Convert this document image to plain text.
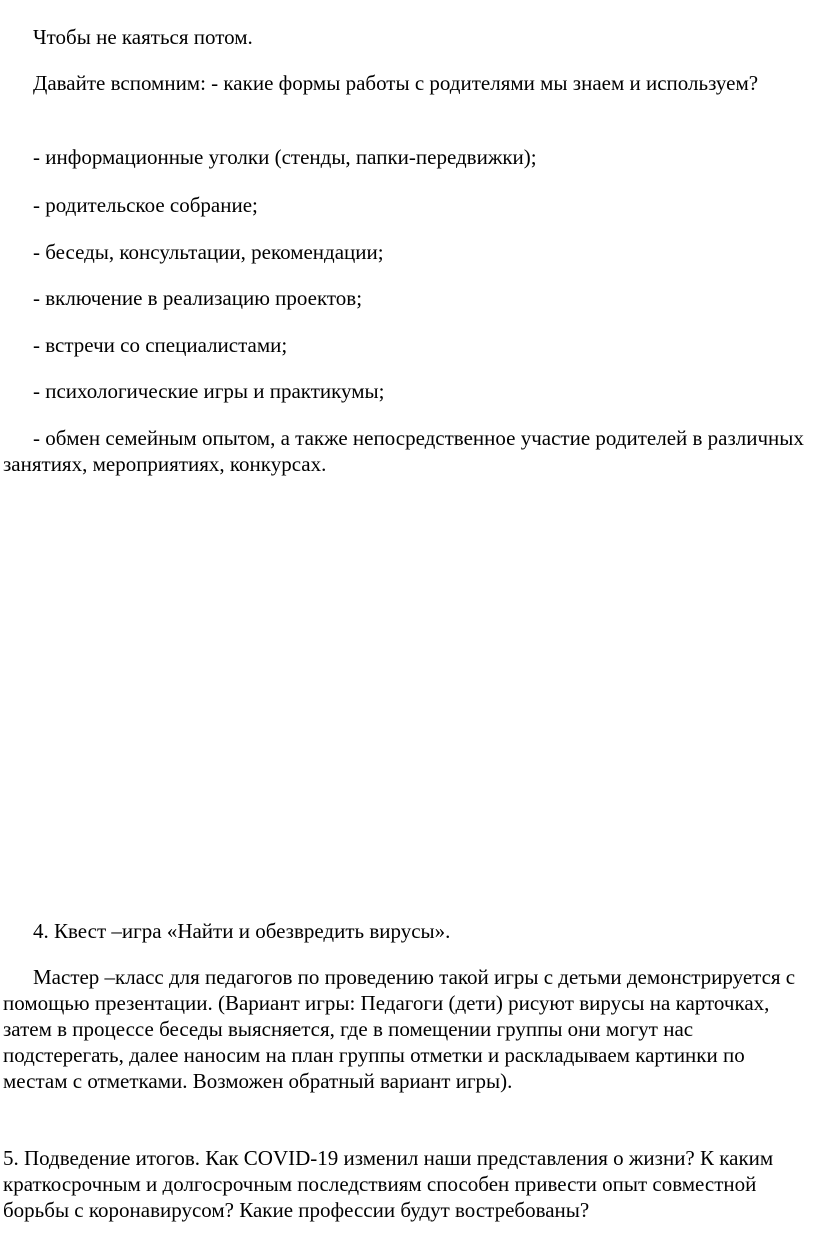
Чтобы не каяться потом.

Давайте вспомним: - какие формы работы с родителями мы знаем и используем?

- информационные уголки (стенды, папки-передвижки);

- родительское собрание;

- беседы, консультации, рекомендации;

- включение в реализацию проектов;

- встречи со специалистами;

- психологические игры и практикумы;

- обмен семейным опытом, а также непосредственное участие родителей в различных занятиях, мероприятиях, конкурсах.

4. Квест –игра «Найти и обезвредить вирусы».

Мастер –класс для педагогов по проведению такой игры с детьми демонстрируется с помощью презентации. (Вариант игры: Педагоги (дети) рисуют вирусы на карточках, затем в процессе беседы выясняется, где в помещении группы они могут нас подстерегать, далее наносим на план группы отметки и раскладываем картинки по местам с отметками. Возможен обратный вариант игры).

5. Подведение итогов. Как COVID-19 изменил наши представления о жизни? К каким краткосрочным и долгосрочным последствиям способен привести опыт совместной борьбы с коронавирусом? Какие профессии будут востребованы?
